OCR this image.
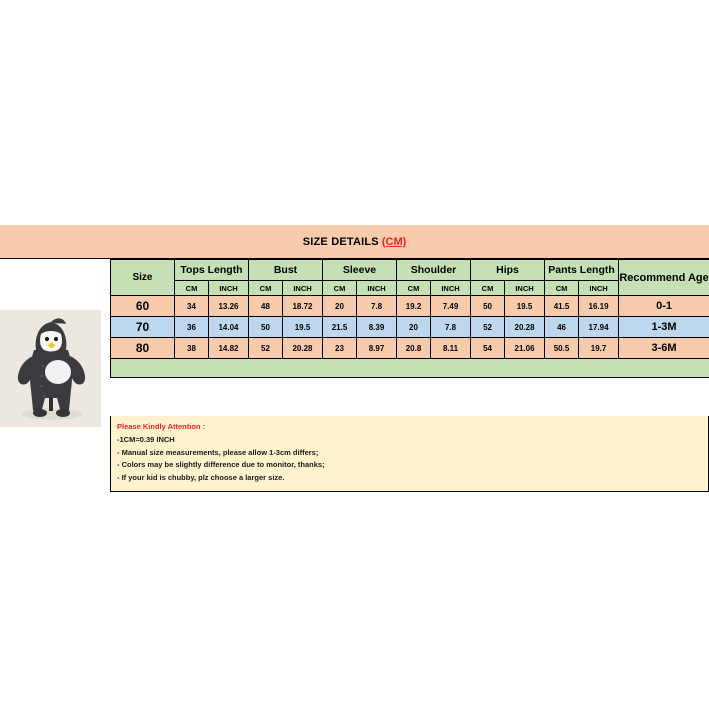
SIZE DETAILS (CM)
Size	Tops Length		Bust		Sleeve		Shoulder		Hips		Pants Length		Recommend Age
	CM	INCH	CM	INCH	CM	INCH	CM	INCH	CM	INCH	CM	INCH	
60	34	13.26	48	18.72	20	7.8	19.2	7.49	50	19.5	41.5	16.19	0-1
70	36	14.04	50	19.5	21.5	8.39	20	7.8	52	20.28	46	17.94	1-3M
80	38	14.82	52	20.28	23	8.97	20.8	8.11	54	21.06	50.5	19.7	3-6M

Please Kindly Attention :
-1CM=0.39 INCH
- Manual size measurements, please allow 1-3cm differs;
- Colors may be slightly difference due to monitor, thanks;
- If your kid is chubby, plz choose a larger size.
